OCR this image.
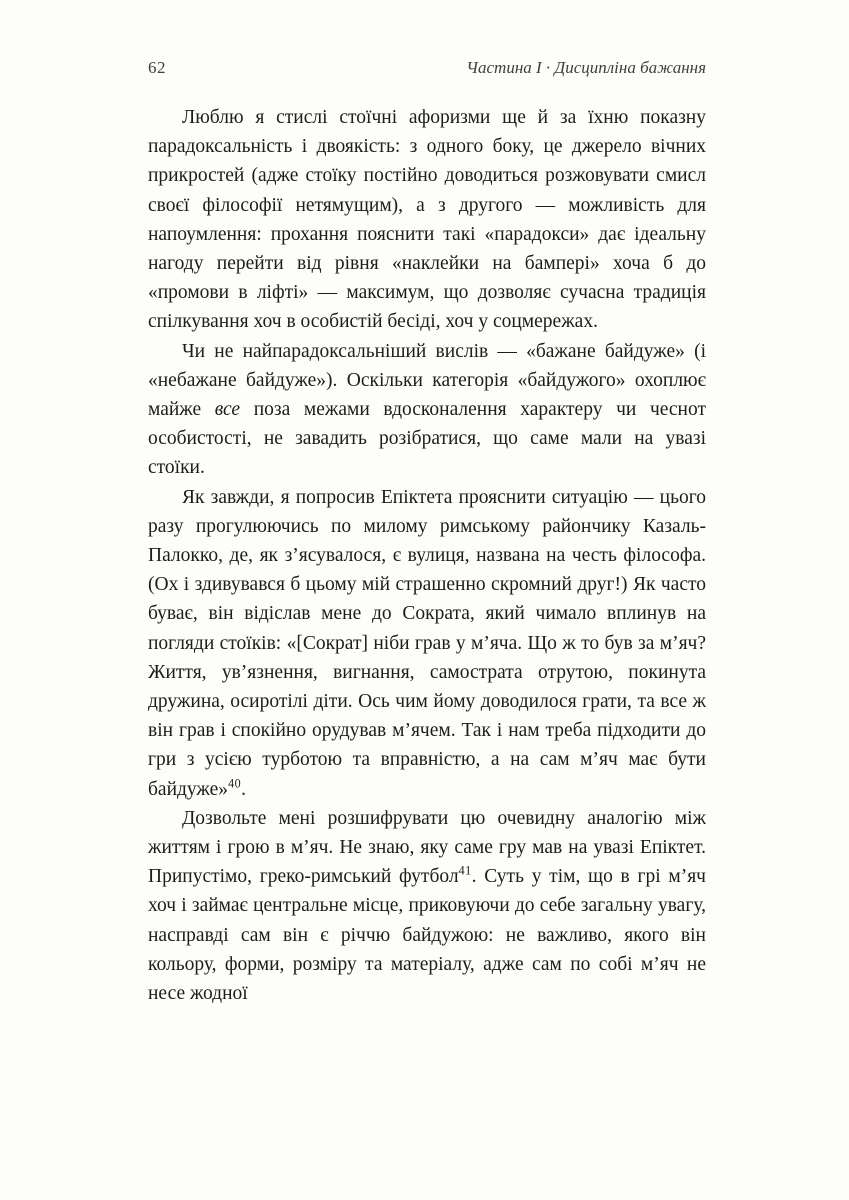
62	Частина I · Дисципліна бажання

Люблю я стислі стоїчні афоризми ще й за їхню показну парадоксальність і двоякість: з одного боку, це джерело вічних прикростей (адже стоїку постійно доводиться розжовувати смисл своєї філософії нетямущим), а з другого — можливість для напоумлення: прохання пояснити такі «парадокси» дає ідеальну нагоду перейти від рівня «наклейки на бампері» хоча б до «промови в ліфті» — максимум, що дозволяє сучасна традиція спілкування хоч в особистій бесіді, хоч у соцмережах.

Чи не найпарадоксальніший вислів — «бажане байдуже» (і «небажане байдуже»). Оскільки категорія «байдужого» охоплює майже все поза межами вдосконалення характеру чи чеснот особистості, не завадить розібратися, що саме мали на увазі стоїки.

Як завжди, я попросив Епіктета прояснити ситуацію — цього разу прогулюючись по милому римському райончику Казаль-Палокко, де, як з’ясувалося, є вулиця, названа на честь філософа. (Ох і здивувався б цьому мій страшенно скромний друг!) Як часто буває, він відіслав мене до Сократа, який чимало вплинув на погляди стоїків: «[Сократ] ніби грав у м’яча. Що ж то був за м’яч? Життя, ув’язнення, вигнання, самострата отрутою, покинута дружина, осиротілі діти. Ось чим йому доводилося грати, та все ж він грав і спокійно орудував м’ячем. Так і нам треба підходити до гри з усією турботою та вправністю, а на сам м’яч має бути байдуже»$^{40}$.

Дозвольте мені розшифрувати цю очевидну аналогію між життям і грою в м’яч. Не знаю, яку саме гру мав на увазі Епіктет. Припустімо, греко-римський футбол$^{41}$. Суть у тім, що в грі м’яч хоч і займає центральне місце, приковуючи до себе загальну увагу, насправді сам він є річчю байдужою: не важливо, якого він кольору, форми, розміру та матеріалу, адже сам по собі м’яч не несе жодної
